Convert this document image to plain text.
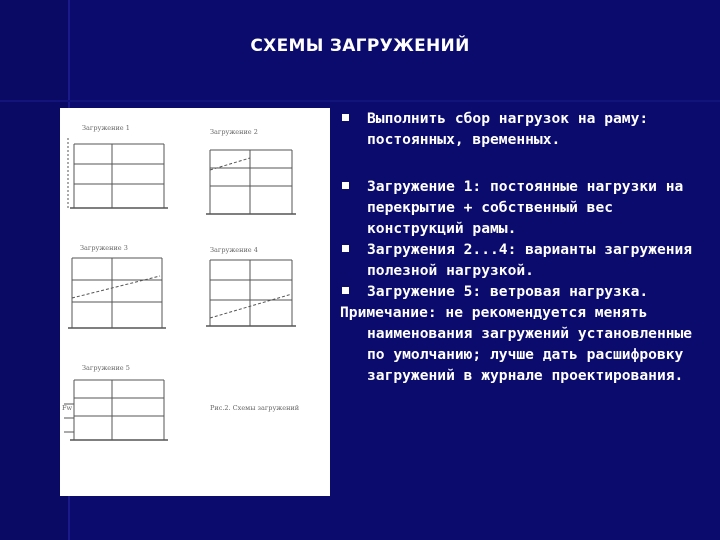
СХЕМЫ ЗАГРУЖЕНИЙ
Загружение 1	Загружение 2
Загружение 3	Загружение 4
Загружение 5
Рис.2. Схемы загружений
Fw
Выполнить сбор нагрузок на раму: постоянных, временных.
Загружение 1: постоянные нагрузки на перекрытие + собственный вес конструкций рамы.
Загружения 2...4: варианты загружения полезной нагрузкой.
Загружение 5: ветровая нагрузка.
Примечание: не рекомендуется менять
наименования загружений установленные по умолчанию; лучше дать расшифровку загружений в журнале проектирования.
